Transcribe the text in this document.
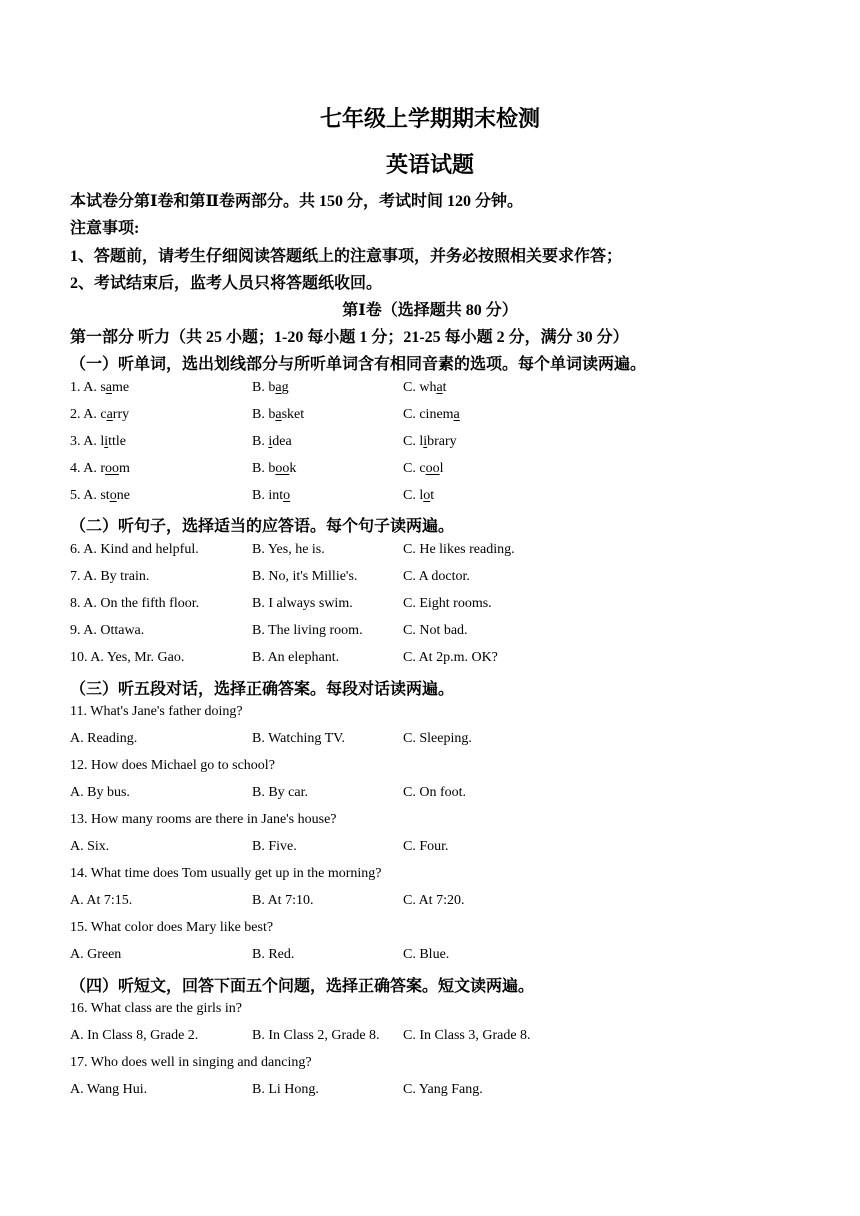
七年级上学期期末检测
英语试题
本试卷分第Ⅰ卷和第Ⅱ卷两部分。共 150 分，考试时间 120 分钟。
注意事项:
1、答题前，请考生仔细阅读答题纸上的注意事项，并务必按照相关要求作答；
2、考试结束后，监考人员只将答题纸收回。
第Ⅰ卷（选择题共 80 分）
第一部分 听力（共 25 小题；1-20 每小题 1 分；21-25 每小题 2 分，满分 30 分）
（一）听单词，选出划线部分与所听单词含有相同音素的选项。每个单词读两遍。
1. A. same	B. bag	C. what
2. A. carry	B. basket	C. cinema
3. A. little	B. idea	C. library
4. A. room	B. book	C. cool
5. A. stone	B. into	C. lot
（二）听句子，选择适当的应答语。每个句子读两遍。
6. A. Kind and helpful.	B. Yes, he is.	C. He likes reading.
7. A. By train.	B. No, it's Millie's.	C. A doctor.
8. A. On the fifth floor.	B. I always swim.	C. Eight rooms.
9. A. Ottawa.	B. The living room.	C. Not bad.
10. A. Yes, Mr. Gao.	B. An elephant.	C. At 2p.m. OK?
（三）听五段对话，选择正确答案。每段对话读两遍。
11. What's Jane's father doing?
A. Reading.	B. Watching TV.	C. Sleeping.
12. How does Michael go to school?
A. By bus.	B. By car.	C. On foot.
13. How many rooms are there in Jane's house?
A. Six.	B. Five.	C. Four.
14. What time does Tom usually get up in the morning?
A. At 7:15.	B. At 7:10.	C. At 7:20.
15. What color does Mary like best?
A. Green	B. Red.	C. Blue.
（四）听短文，回答下面五个问题，选择正确答案。短文读两遍。
16. What class are the girls in?
A. In Class 8, Grade 2.	B. In Class 2, Grade 8. C. In Class 3, Grade 8.
17. Who does well in singing and dancing?
A. Wang Hui.	B. Li Hong.	C. Yang Fang.
